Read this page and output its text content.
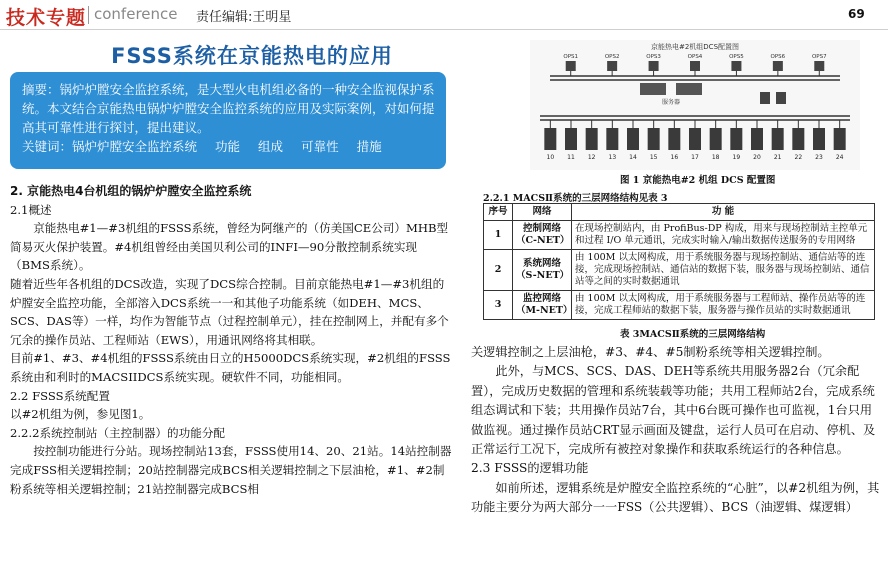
技术专题 conference 责任编辑:王明星	69
FSSS系统在京能热电的应用
摘要：锅炉炉膛安全监控系统，是大型火电机组必备的一种安全监视保护系统。本文结合京能热电锅炉炉膛安全监控系统的应用及实际案例，对如何提高其可靠性进行探讨，提出建议。
关键词：锅炉炉膛安全监控系统 功能 组成 可靠性 措施

2. 京能热电4台机组的锅炉炉膛安全监控系统

2.1概述

京能热电#1—#3机组的FSSS系统，曾经为阿继产的（仿美国CE公司）MHB型简易灭火保护装置。#4机组曾经由美国贝利公司的INFI—90分散控制系统实现（BMS系统）。

随着近些年各机组的DCS改造，实现了DCS综合控制。目前京能热电#1—#3机组的炉膛安全监控功能，全部溶入DCS系统一一和其他子功能系统（如DEH、MCS、SCS、DAS等）一样，均作为智能节点（过程控制单元），挂在控制网上，并配有多个冗余的操作员站、工程师站（EWS），用通讯网络将其相联。

目前#1、#3、#4机组的FSSS系统由日立的H5000DCS系统实现，#2机组的FSSS系统由和利时的MACSIIDCS系统实现。硬软件不同，功能相同。

2.2 FSSS系统配置

以#2机组为例，参见图1。

2.2.2系统控制站（主控制器）的功能分配

按控制功能进行分站。现场控制站13套，FSSS使用14、20、21站。14站控制器完成FSS相关逻辑控制；20站控制器完成BCS相关逻辑控制之下层油枪，#1、#2制粉系统等相关逻辑控制；21站控制器完成BCS相

京能热电#2机组DCS配置图
OPS1	OPS2	OPS3	OPS4	OPS5	OPS6	OPS7
服务器
10 11 12 13 14 15 16 17 18 19 20 21 22 23 24
图 1 京能热电#2 机组 DCS 配置图
2.2.1 MACSⅡ系统的三层网络结构见表 3
序号	网络	功 能
1	控制网络（C-NET）	在现场控制站内，由 ProfiBus-DP 构成，用来与现场控制站主控单元和过程 I/O 单元通讯，完成实时输入/输出数据传送服务的专用网络
2	系统网络（S-NET）	由 100M 以太网构成，用于系统服务器与现场控制站、通信站等的连接，完成现场控制站、通信站的数据下装，服务器与现场控制站、通信站等之间的实时数据通讯
3	监控网络（M-NET）	由 100M 以太网构成，用于系统服务器与工程师站、操作员站等的连接，完成工程师站的数据下装，服务器与操作员站的实时数据通讯
表 3MACSⅡ系统的三层网络结构

关逻辑控制之上层油枪，#3、#4、#5制粉系统等相关逻辑控制。

此外，与MCS、SCS、DAS、DEH等系统共用服务器2台（冗余配置），完成历史数据的管理和系统装载等功能；共用工程师站2台，完成系统组态调试和下装；共用操作员站7台，其中6台既可操作也可监视，1台只用做监视。通过操作员站CRT显示画面及键盘，运行人员可在启动、停机、及正常运行工况下，完成所有被控对象操作和获取系统运行的各种信息。

2.3 FSSS的逻辑功能

如前所述，逻辑系统是炉膛安全监控系统的“心脏”，以#2机组为例，其功能主要分为两大部分一一FSS（公共逻辑）、BCS（油逻辑、煤逻辑）
